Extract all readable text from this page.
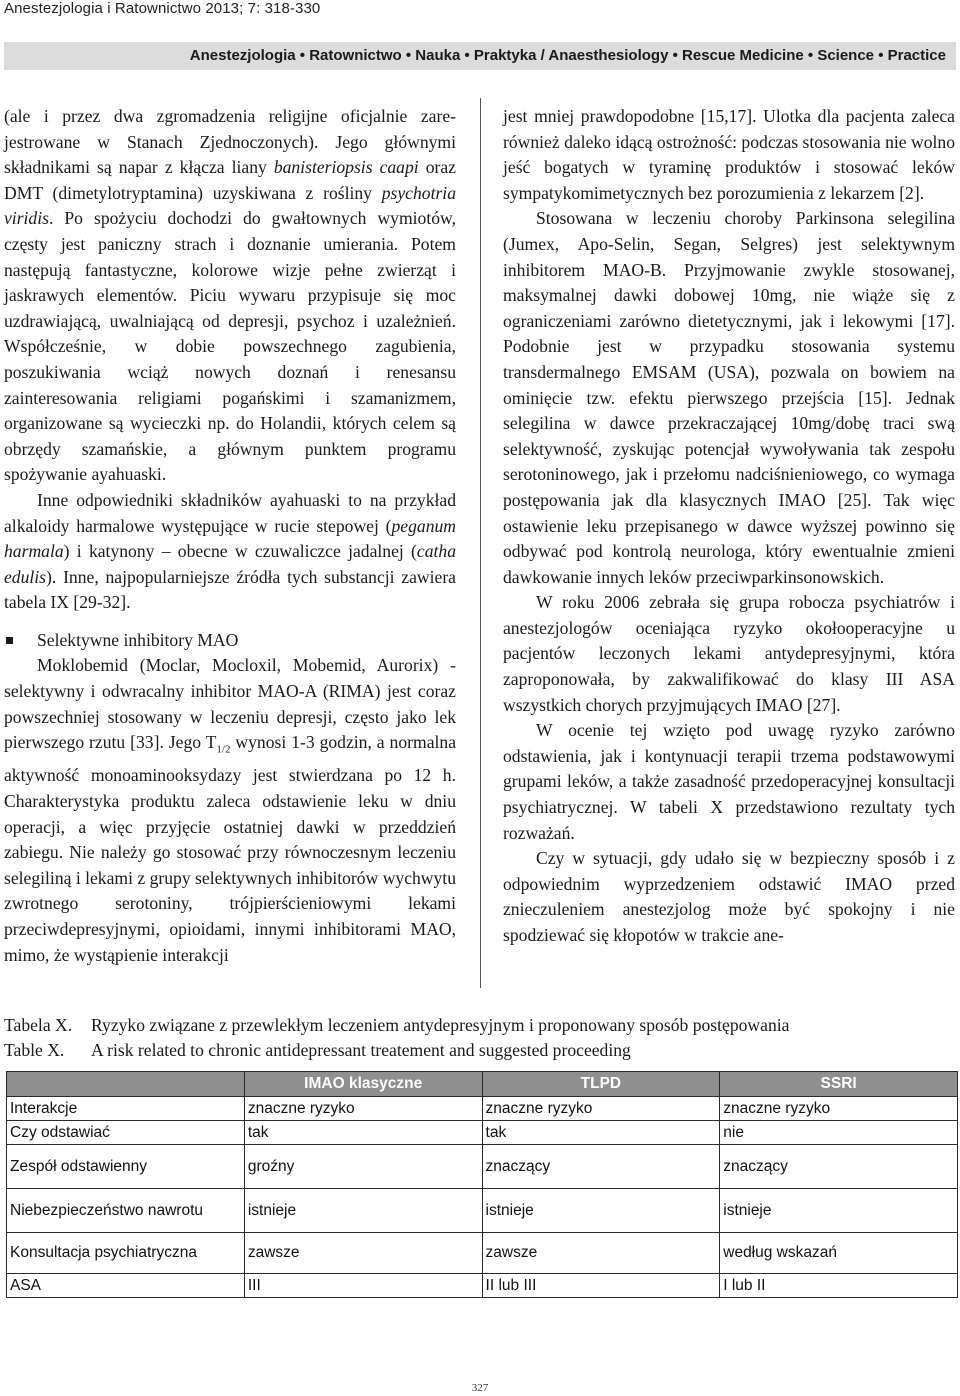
Anestezjologia i Ratownictwo 2013; 7: 318-330
Anestezjologia • Ratownictwo • Nauka • Praktyka / Anaesthesiology • Rescue Medicine • Science • Practice

(ale i przez dwa zgromadzenia religijne oficjalnie zarejestrowane w Stanach Zjednoczonych). Jego głównymi składnikami są napar z kłącza liany banisteriopsis caapi oraz DMT (dimetylotryptamina) uzyskiwana z rośliny psychotria viridis. Po spożyciu dochodzi do gwałtownych wymiotów, częsty jest paniczny strach i doznanie umierania. Potem następują fantastyczne, kolorowe wizje pełne zwierząt i jaskrawych elementów. Piciu wywaru przypisuje się moc uzdrawiającą, uwalniającą od depresji, psychoz i uzależnień. Współcześnie, w dobie powszechnego zagubienia, poszukiwania wciąż nowych doznań i renesansu zainteresowania religiami pogańskimi i szamanizmem, organizowane są wycieczki np. do Holandii, których celem są obrzędy szamańskie, a głównym punktem programu spożywanie ayahuaski.

Inne odpowiedniki składników ayahuaski to na przykład alkaloidy harmalowe występujące w rucie stepowej (peganum harmala) i katynony – obecne w czuwaliczce jadalnej (catha edulis). Inne, najpopularniejsze źródła tych substancji zawiera tabela IX [29-32].

Selektywne inhibitory MAO

Moklobemid (Moclar, Mocloxil, Mobemid, Aurorix) - selektywny i odwracalny inhibitor MAO-A (RIMA) jest coraz powszechniej stosowany w leczeniu depresji, często jako lek pierwszego rzutu [33]. Jego $T_{1/2}$ wynosi 1-3 godzin, a normalna aktywność monoaminooksydazy jest stwierdzana po 12 h. Charakterystyka produktu zaleca odstawienie leku w dniu operacji, a więc przyjęcie ostatniej dawki w przeddzień zabiegu. Nie należy go stosować przy równoczesnym leczeniu selegiliną i lekami z grupy selektywnych inhibitorów wychwytu zwrotnego serotoniny, trójpierścieniowymi lekami przeciwdepresyjnymi, opioidami, innymi inhibitorami MAO, mimo, że wystąpienie interakcji

jest mniej prawdopodobne [15,17]. Ulotka dla pacjenta zaleca również daleko idącą ostrożność: podczas stosowania nie wolno jeść bogatych w tyraminę produktów i stosować leków sympatykomimetycznych bez porozumienia z lekarzem [2].

Stosowana w leczeniu choroby Parkinsona selegilina (Jumex, Apo-Selin, Segan, Selgres) jest selektywnym inhibitorem MAO-B. Przyjmowanie zwykle stosowanej, maksymalnej dawki dobowej 10mg, nie wiąże się z ograniczeniami zarówno dietetycznymi, jak i lekowymi [17]. Podobnie jest w przypadku stosowania systemu transdermalnego EMSAM (USA), pozwala on bowiem na ominięcie tzw. efektu pierwszego przejścia [15]. Jednak selegilina w dawce przekraczającej 10mg/dobę traci swą selektywność, zyskując potencjał wywoływania tak zespołu serotoninowego, jak i przełomu nadciśnieniowego, co wymaga postępowania jak dla klasycznych IMAO [25]. Tak więc ostawienie leku przepisanego w dawce wyższej powinno się odbywać pod kontrolą neurologa, który ewentualnie zmieni dawkowanie innych leków przeciwparkinsonowskich.

W roku 2006 zebrała się grupa robocza psychiatrów i anestezjologów oceniająca ryzyko okołooperacyjne u pacjentów leczonych lekami antydepresyjnymi, która zaproponowała, by zakwalifikować do klasy III ASA wszystkich chorych przyjmujących IMAO [27].

W ocenie tej wzięto pod uwagę ryzyko zarówno odstawienia, jak i kontynuacji terapii trzema podstawowymi grupami leków, a także zasadność przedoperacyjnej konsultacji psychiatrycznej. W tabeli X przedstawiono rezultaty tych rozważań.

Czy w sytuacji, gdy udało się w bezpieczny sposób i z odpowiednim wyprzedzeniem odstawić IMAO przed znieczuleniem anestezjolog może być spokojny i nie spodziewać się kłopotów w trakcie ane-

Tabela X. Ryzyko związane z przewlekłym leczeniem antydepresyjnym i proponowany sposób postępowania
Table X. A risk related to chronic antidepressant treatement and suggested proceeding
	IMAO klasyczne	TLPD	SSRI
Interakcje	znaczne ryzyko	znaczne ryzyko	znaczne ryzyko
Czy odstawiać	tak	tak	nie
Zespół odstawienny	groźny	znaczący	znaczący
Niebezpieczeństwo nawrotu	istnieje	istnieje	istnieje
Konsultacja psychiatryczna	zawsze	zawsze	według wskazań
ASA	III	II lub III	I lub II
327
